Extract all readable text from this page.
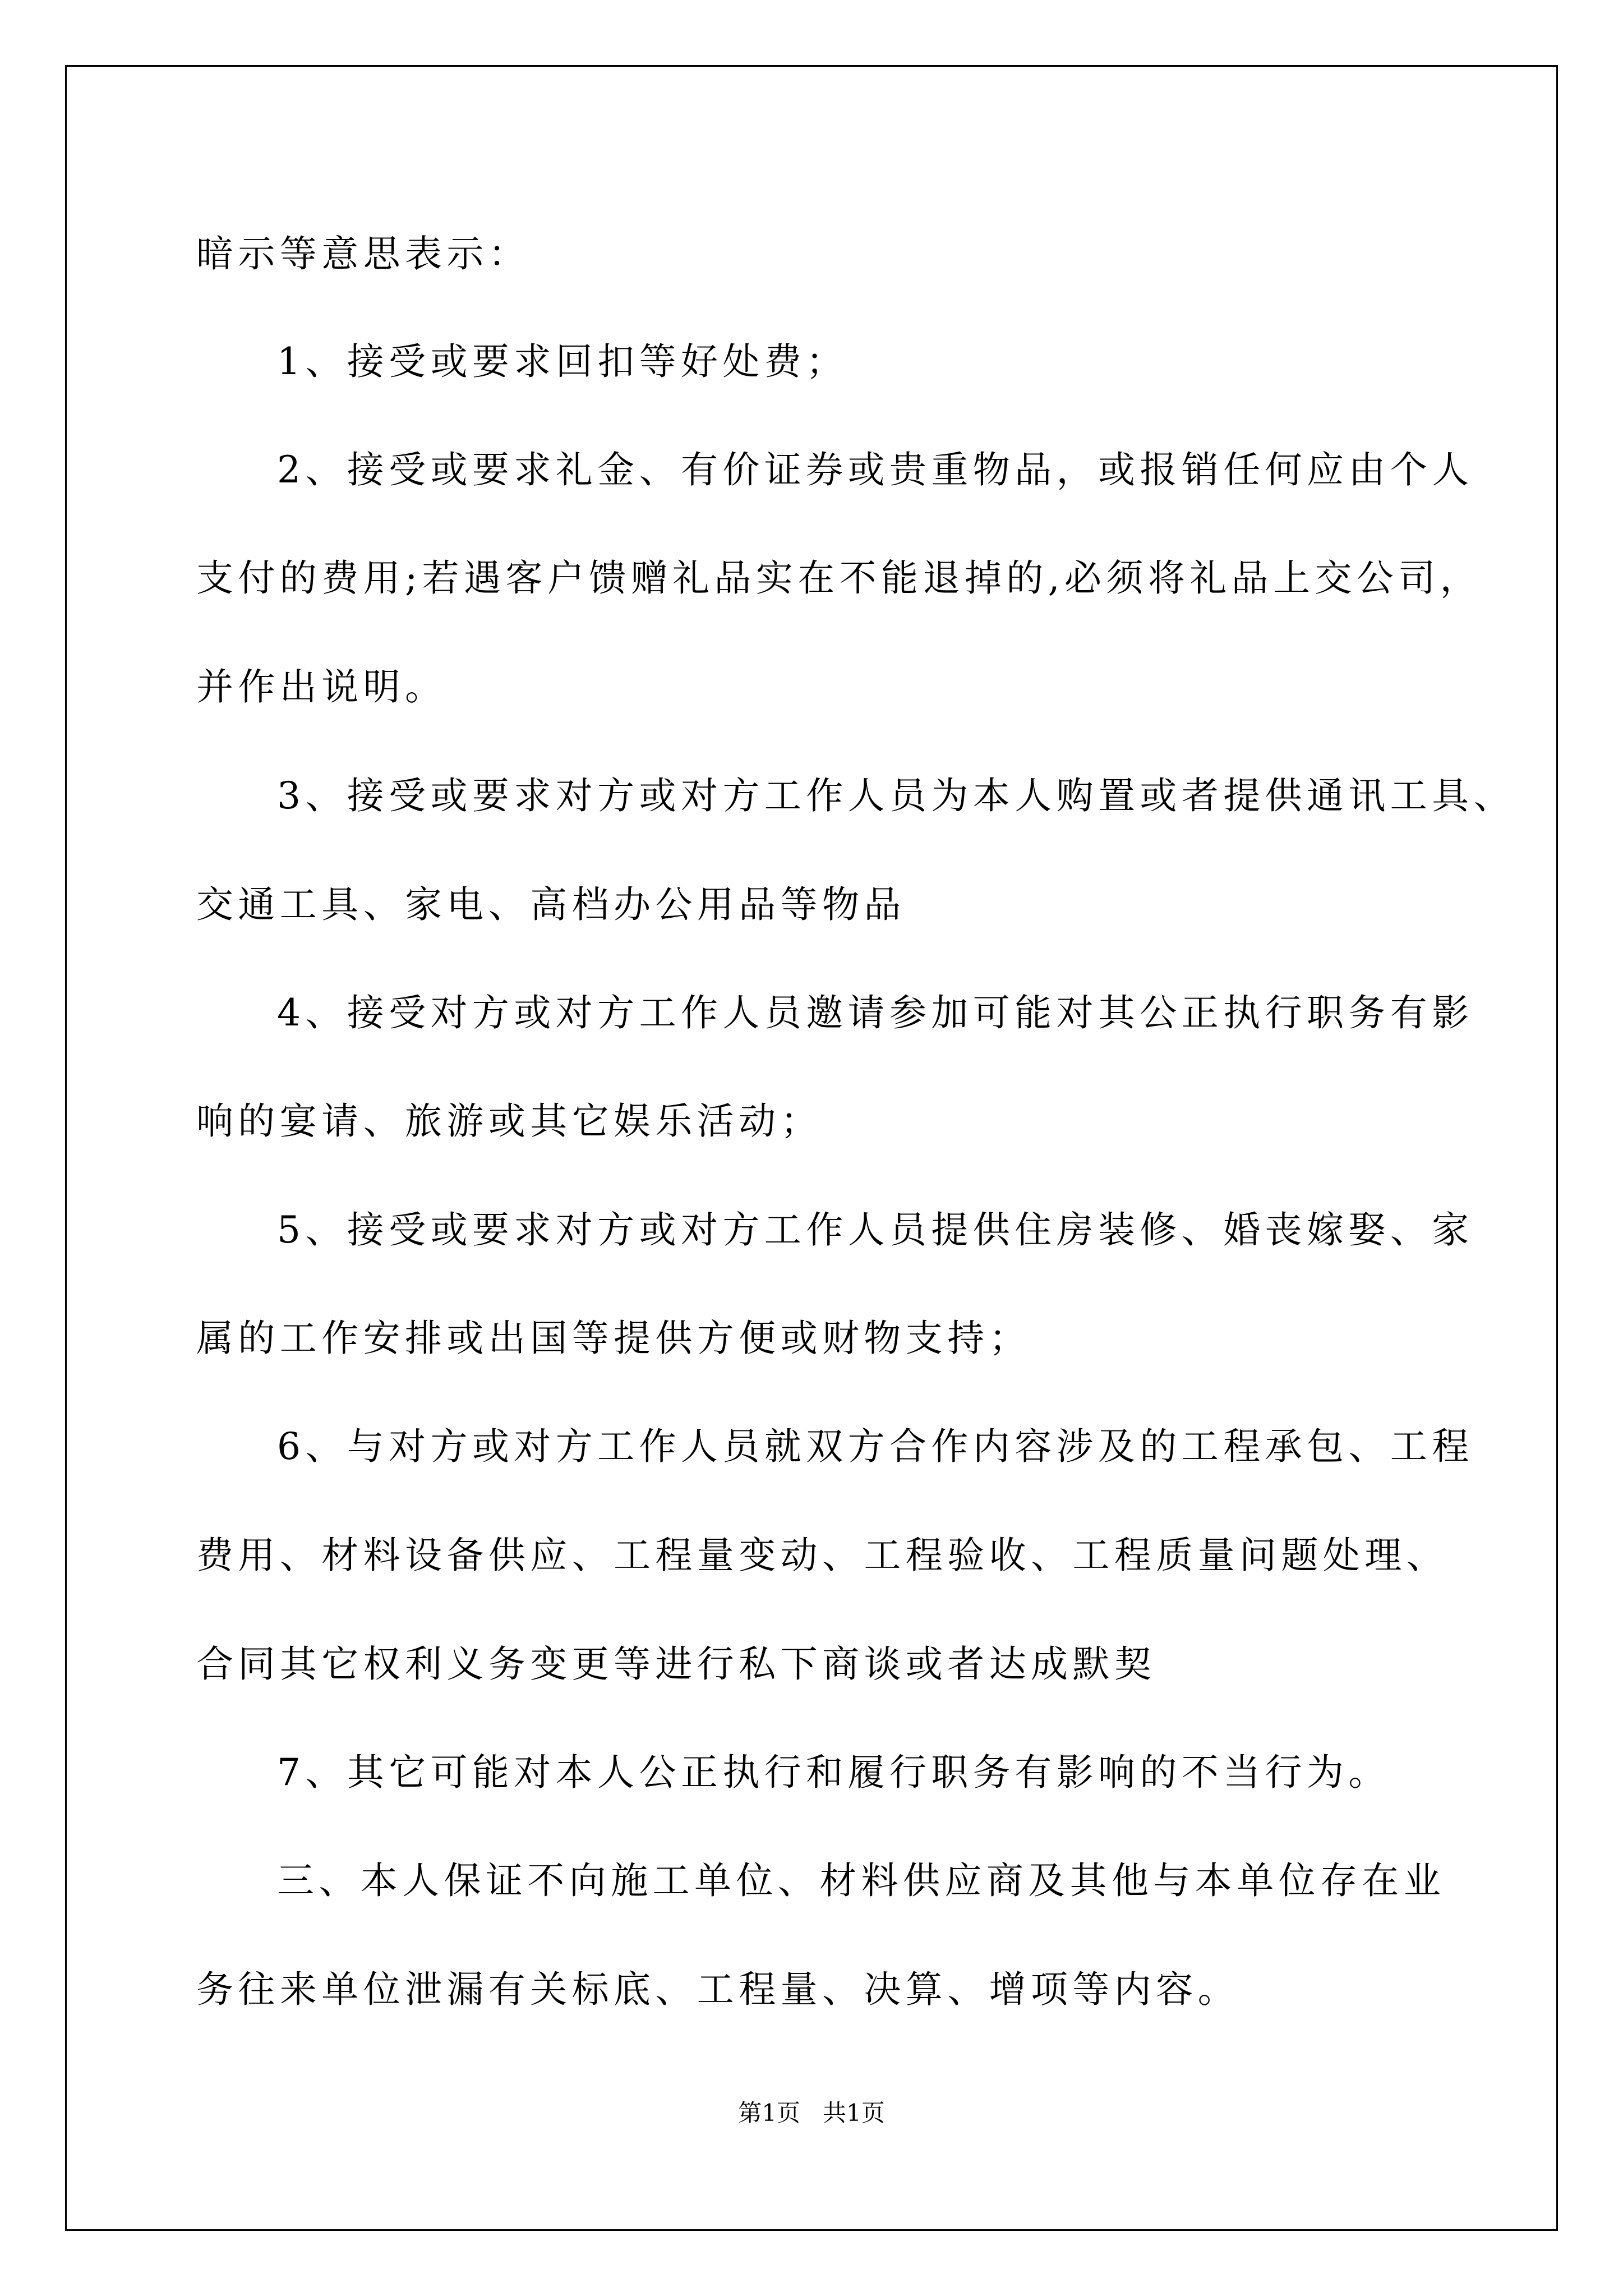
暗示等意思表示：
1、接受或要求回扣等好处费；
2、接受或要求礼金、有价证券或贵重物品，或报销任何应由个人
支付的费用;若遇客户馈赠礼品实在不能退掉的,必须将礼品上交公司，
并作出说明。
3、接受或要求对方或对方工作人员为本人购置或者提供通讯工具、
交通工具、家电、高档办公用品等物品
4、接受对方或对方工作人员邀请参加可能对其公正执行职务有影
响的宴请、旅游或其它娱乐活动；
5、接受或要求对方或对方工作人员提供住房装修、婚丧嫁娶、家
属的工作安排或出国等提供方便或财物支持；
6、与对方或对方工作人员就双方合作内容涉及的工程承包、工程
费用、材料设备供应、工程量变动、工程验收、工程质量问题处理、
合同其它权利义务变更等进行私下商谈或者达成默契
7、其它可能对本人公正执行和履行职务有影响的不当行为。
三、本人保证不向施工单位、材料供应商及其他与本单位存在业
务往来单位泄漏有关标底、工程量、决算、增项等内容。
第1页   共1页
